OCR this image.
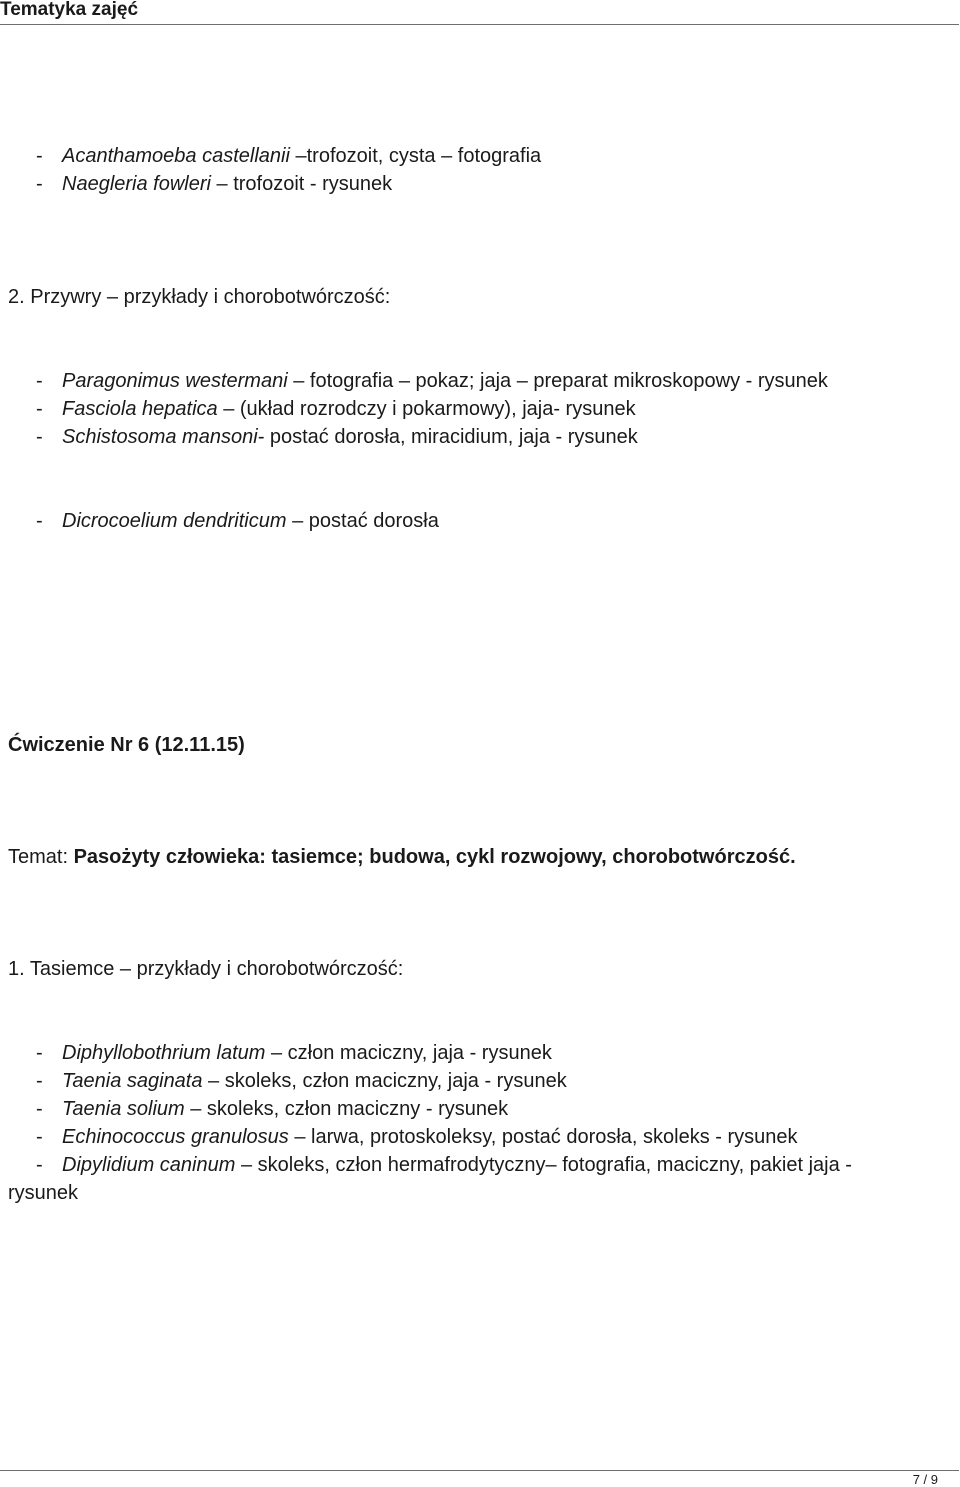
Tematyka zajęć
- Acanthamoeba castellanii –trofozoit, cysta – fotografia
- Naegleria fowleri – trofozoit - rysunek
2. Przywry – przykłady i chorobotwórczość:
- Paragonimus westermani – fotografia – pokaz; jaja – preparat mikroskopowy - rysunek
- Fasciola hepatica – (układ rozrodczy i pokarmowy), jaja- rysunek
- Schistosoma mansoni- postać dorosła, miracidium, jaja - rysunek
- Dicrocoelium dendriticum – postać dorosła
Ćwiczenie Nr 6 (12.11.15)
Temat: Pasożyty człowieka: tasiemce; budowa, cykl rozwojowy, chorobotwórczość.
1. Tasiemce – przykłady i chorobotwórczość:
- Diphyllobothrium latum – człon maciczny, jaja - rysunek
- Taenia saginata – skoleks, człon maciczny, jaja - rysunek
- Taenia solium – skoleks, człon maciczny - rysunek
- Echinococcus granulosus – larwa, protoskoleksy, postać dorosła, skoleks - rysunek
- Dipylidium caninum – skoleks, człon hermafrodytyczny– fotografia, maciczny, pakiet jaja -
rysunek
7 / 9
